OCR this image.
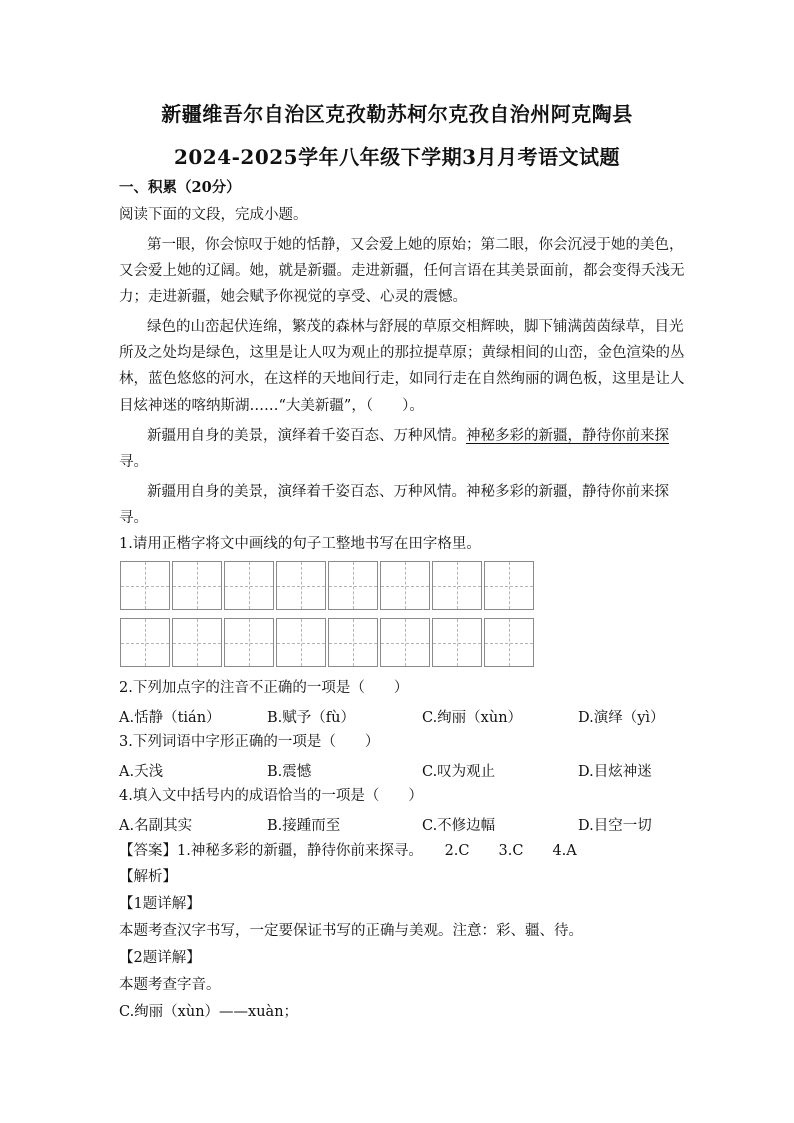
新疆维吾尔自治区克孜勒苏柯尔克孜自治州阿克陶县
2024-2025学年八年级下学期3月月考语文试题
一、积累（20分）
阅读下面的文段，完成小题。
第一眼，你会惊叹于她的恬静，又会爱上她的原始；第二眼，你会沉浸于她的美色，
又会爱上她的辽阔。她，就是新疆。走进新疆，任何言语在其美景面前，都会变得夭浅无
力；走进新疆，她会赋予你视觉的享受、心灵的震憾。
绿色的山峦起伏连绵，繁茂的森林与舒展的草原交相辉映，脚下铺满茵茵绿草，目光
所及之处均是绿色，这里是让人叹为观止的那拉提草原；黄绿相间的山峦，金色渲染的丛
林，蓝色悠悠的河水，在这样的天地间行走，如同行走在自然绚丽的调色板，这里是让人
目炫神迷的喀纳斯湖……“大美新疆”，（　　）。
新疆用自身的美景，演绎着千姿百态、万种风情。神秘多彩的新疆，静待你前来探
寻。
新疆用自身的美景，演绎着千姿百态、万种风情。神秘多彩的新疆，静待你前来探
寻。
1.请用正楷字将文中画线的句子工整地书写在田字格里。
2.下列加点字的注音不正确的一项是（　　）
A.恬静（tián）	B.赋予（fù）	C.绚丽（xùn）	D.演绎（yì）
3.下列词语中字形正确的一项是（　　）
A.夭浅	B.震憾	C.叹为观止	D.目炫神迷
4.填入文中括号内的成语恰当的一项是（　　）
A.名副其实	B.接踵而至	C.不修边幅	D.目空一切
【答案】1.神秘多彩的新疆，静待你前来探寻。　　2.C　　3.C　　4.A
【解析】
【1题详解】
本题考查汉字书写，一定要保证书写的正确与美观。注意：彩、疆、待。
【2题详解】
本题考查字音。
C.绚丽（xùn）——xuàn；
